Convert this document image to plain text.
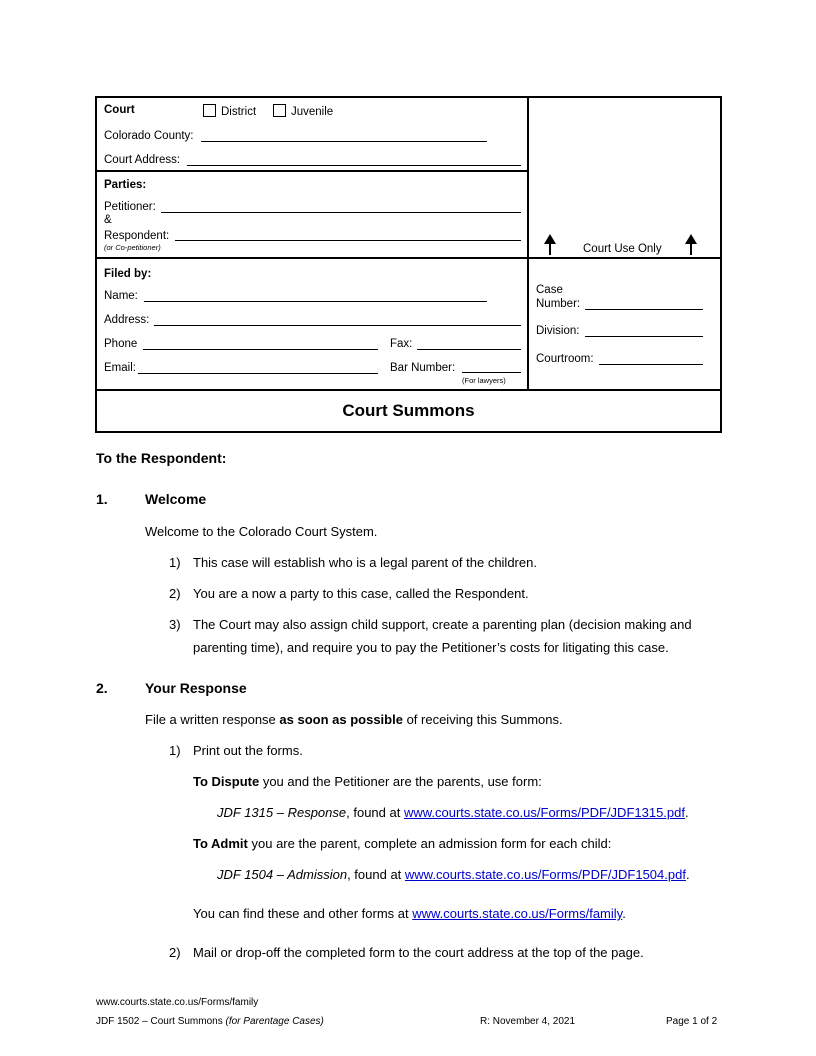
Court	District	Juvenile
Colorado County:
Court Address:
Parties:
Petitioner:
&
Respondent:
(or Co-petitioner)	Court Use Only
Filed by:
Name:
Address:
Phone	Fax:
Email:	Bar Number:
(For lawyers)
Case
Number:
Division:
Courtroom:
Court Summons
To the Respondent:
1.	Welcome
Welcome to the Colorado Court System.
1) This case will establish who is a legal parent of the children.
2) You are a now a party to this case, called the Respondent.
3) The Court may also assign child support, create a parenting plan (decision making and
parenting time), and require you to pay the Petitioner’s costs for litigating this case.
2.	Your Response
File a written response as soon as possible of receiving this Summons.
1) Print out the forms.
To Dispute you and the Petitioner are the parents, use form:
JDF 1315 – Response, found at www.courts.state.co.us/Forms/PDF/JDF1315.pdf.
To Admit you are the parent, complete an admission form for each child:
JDF 1504 – Admission, found at www.courts.state.co.us/Forms/PDF/JDF1504.pdf.
You can find these and other forms at www.courts.state.co.us/Forms/family.
2) Mail or drop-off the completed form to the court address at the top of the page.
www.courts.state.co.us/Forms/family
JDF 1502 – Court Summons (for Parentage Cases)	R: November 4, 2021	Page 1 of 2
